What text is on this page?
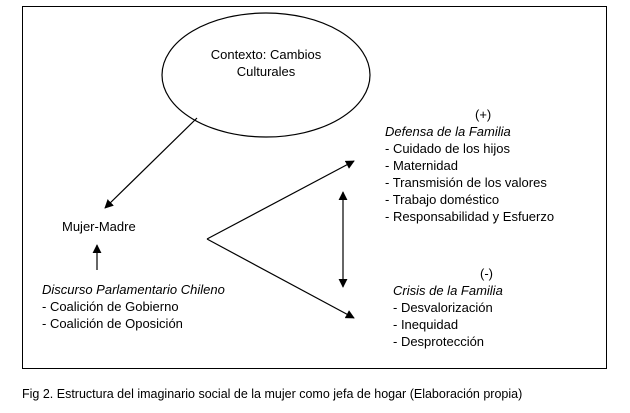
Contexto: Cambios
Culturales
Mujer-Madre
Discurso Parlamentario Chileno
- Coalición de Gobierno
- Coalición de Oposición
(+)
Defensa de la Familia
- Cuidado de los hijos
- Maternidad
- Transmisión de los valores
- Trabajo doméstico
- Responsabilidad y Esfuerzo
(-)
Crisis de la Familia
- Desvalorización
- Inequidad
- Desprotección
Fig 2. Estructura del imaginario social de la mujer como jefa de hogar (Elaboración propia)
